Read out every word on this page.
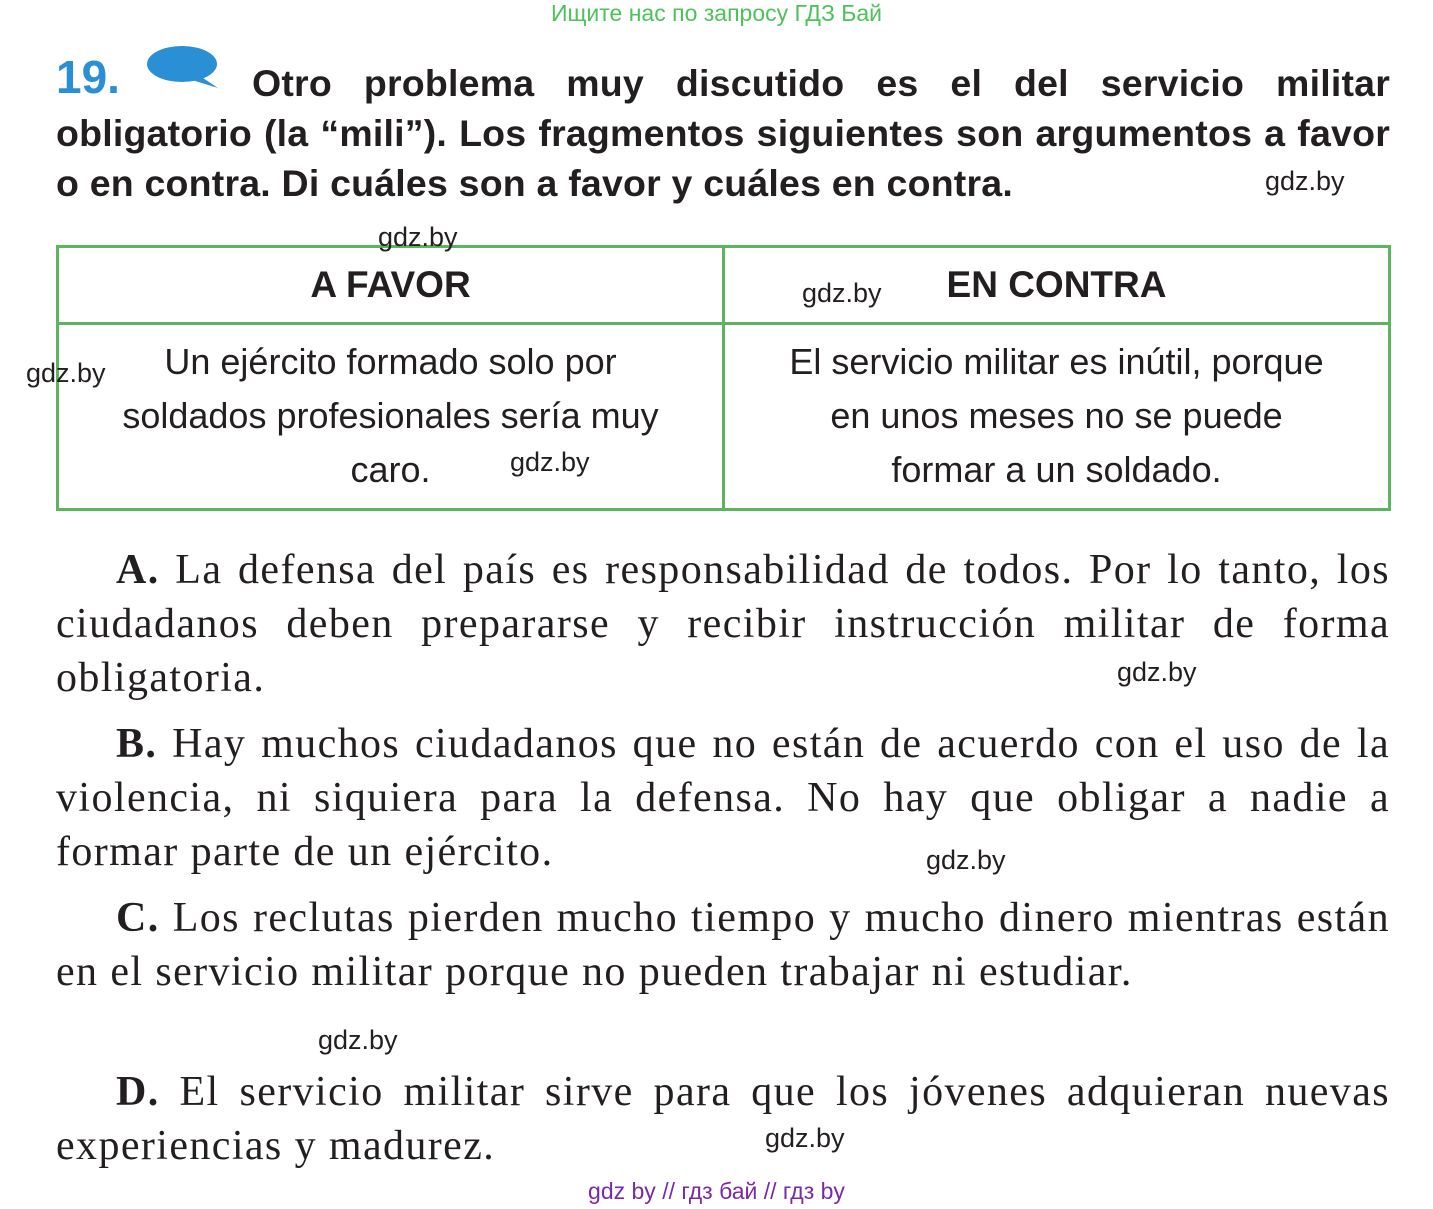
Ищите нас по запросу ГДЗ Бай
19.	Otro problema muy discutido es el del servicio militar obligatorio (la “mili”). Los fragmentos siguientes son argumentos a favor o en contra. Di cuáles son a favor y cuáles en contra.
A FAVOR	EN CONTRA
Un ejército formado solo por soldados profesionales sería muy caro.	El servicio militar es inútil, porque en unos meses no se puede formar a un soldado.
A. La defensa del país es responsabilidad de todos. Por lo tanto, los ciudadanos deben prepararse y recibir instrucción militar de forma obligatoria.
B. Hay muchos ciudadanos que no están de acuerdo con el uso de la violencia, ni siquiera para la defensa. No hay que obligar a nadie a formar parte de un ejército.
C. Los reclutas pierden mucho tiempo y mucho dinero mientras están en el servicio militar porque no pueden trabajar ni estudiar.
D. El servicio militar sirve para que los jóvenes adquieran nuevas experiencias y madurez.
gdz.by
gdz.by
gdz.by
gdz.by
gdz.by
gdz.by
gdz.by
gdz.by
gdz.by
gdz by // гдз бай // гдз by
